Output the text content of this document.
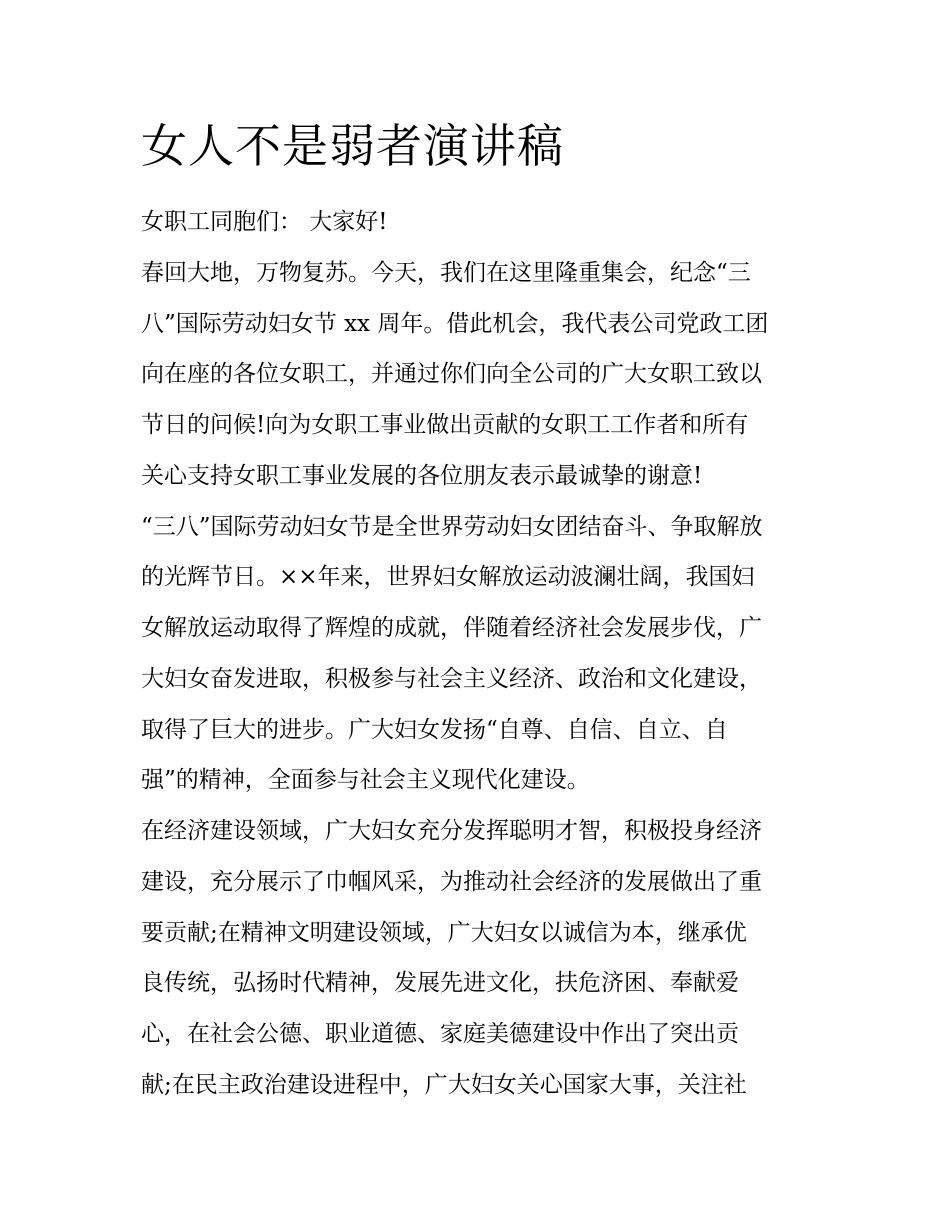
女人不是弱者演讲稿

女职工同胞们： 大家好!

春回大地，万物复苏。今天，我们在这里隆重集会，纪念“三

八”国际劳动妇女节 xx 周年。借此机会，我代表公司党政工团

向在座的各位女职工，并通过你们向全公司的广大女职工致以

节日的问候!向为女职工事业做出贡献的女职工工作者和所有

关心支持女职工事业发展的各位朋友表示最诚挚的谢意!

“三八”国际劳动妇女节是全世界劳动妇女团结奋斗、争取解放

的光辉节日。××年来，世界妇女解放运动波澜壮阔，我国妇

女解放运动取得了辉煌的成就，伴随着经济社会发展步伐，广

大妇女奋发进取，积极参与社会主义经济、政治和文化建设，

取得了巨大的进步。广大妇女发扬“自尊、自信、自立、自

强”的精神，全面参与社会主义现代化建设。

在经济建设领域，广大妇女充分发挥聪明才智，积极投身经济

建设，充分展示了巾帼风采，为推动社会经济的发展做出了重

要贡献;在精神文明建设领域，广大妇女以诚信为本，继承优

良传统，弘扬时代精神，发展先进文化，扶危济困、奉献爱

心，在社会公德、职业道德、家庭美德建设中作出了突出贡

献;在民主政治建设进程中，广大妇女关心国家大事，关注社
